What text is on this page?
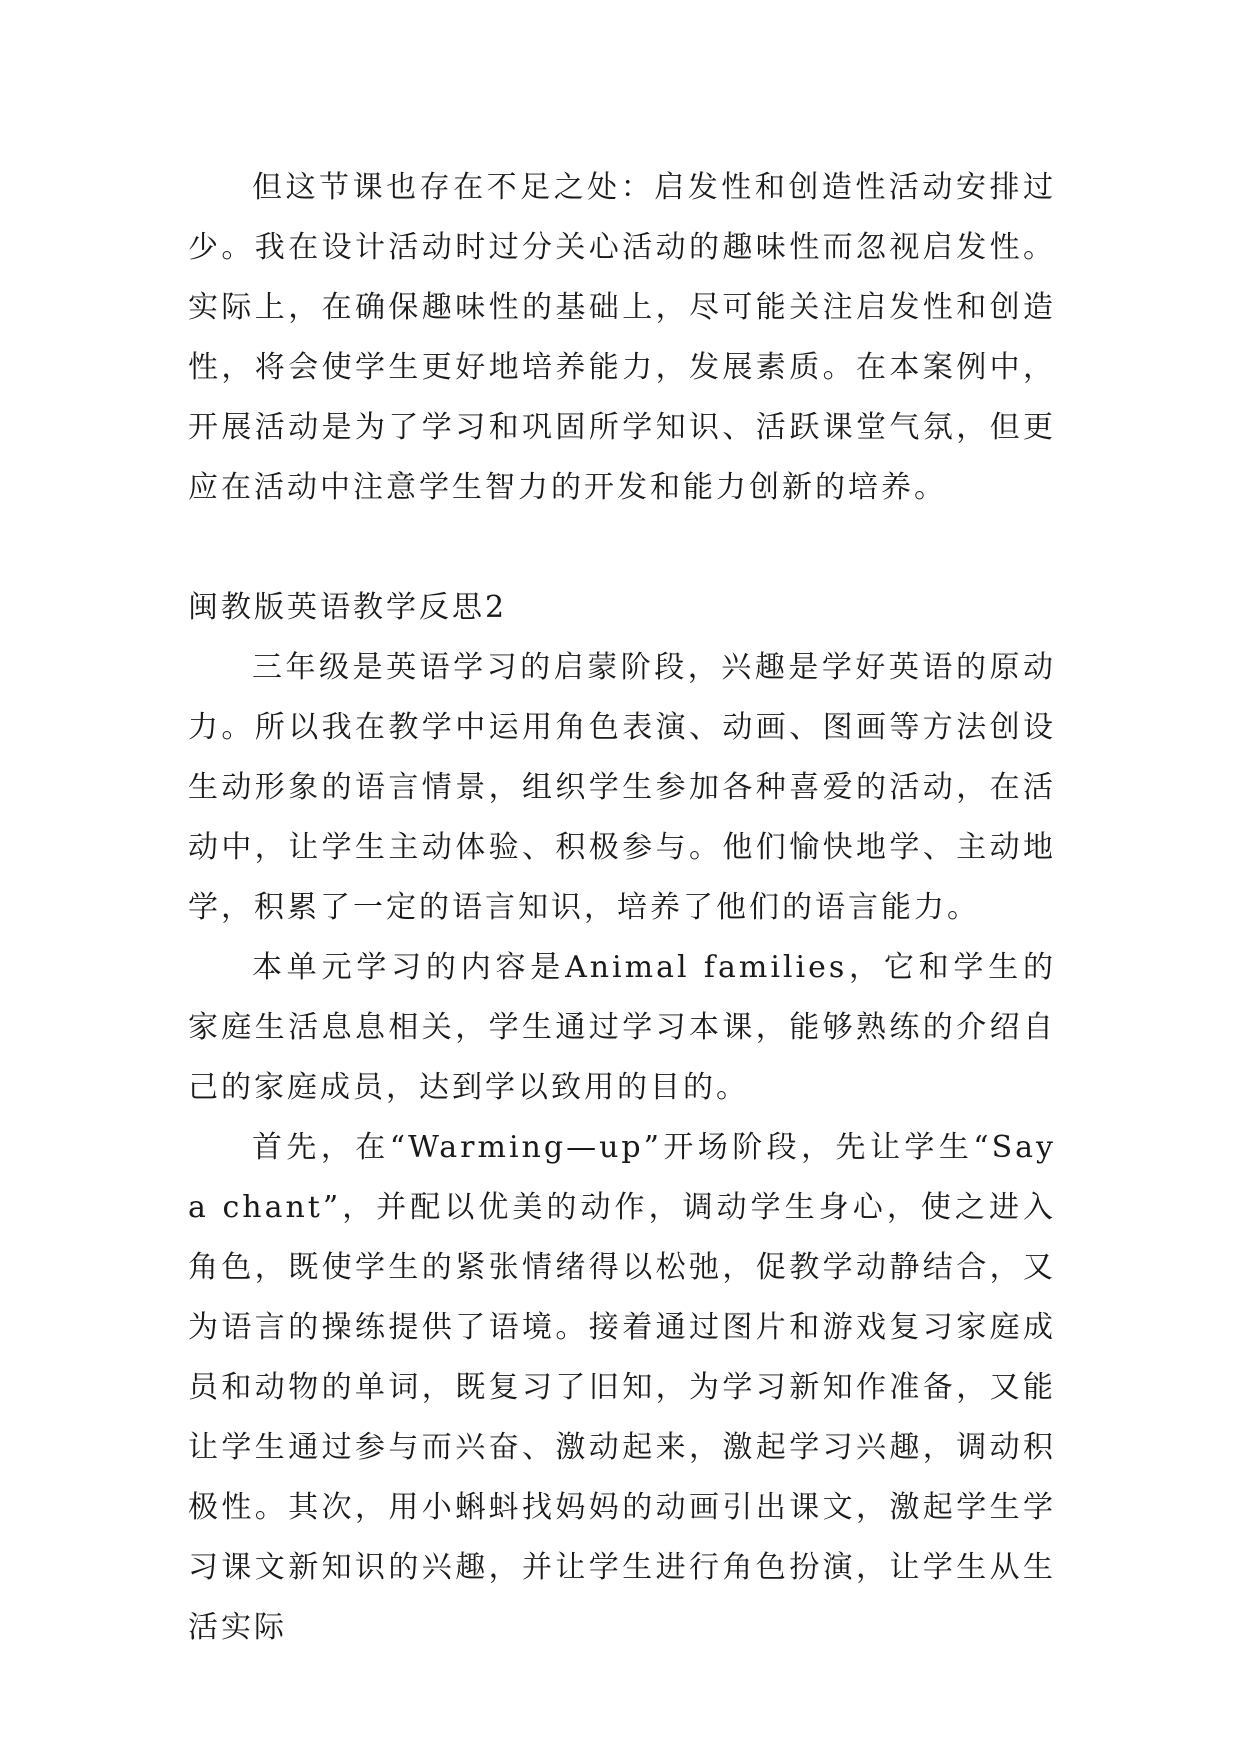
但这节课也存在不足之处：启发性和创造性活动安排过少。我在设计活动时过分关心活动的趣味性而忽视启发性。实际上，在确保趣味性的基础上，尽可能关注启发性和创造性，将会使学生更好地培养能力，发展素质。在本案例中，开展活动是为了学习和巩固所学知识、活跃课堂气氛，但更应在活动中注意学生智力的开发和能力创新的培养。

闽教版英语教学反思2

三年级是英语学习的启蒙阶段，兴趣是学好英语的原动力。所以我在教学中运用角色表演、动画、图画等方法创设生动形象的语言情景，组织学生参加各种喜爱的活动，在活动中，让学生主动体验、积极参与。他们愉快地学、主动地学，积累了一定的语言知识，培养了他们的语言能力。

本单元学习的内容是Animal families，它和学生的家庭生活息息相关，学生通过学习本课，能够熟练的介绍自己的家庭成员，达到学以致用的目的。

首先，在“Warming—up”开场阶段，先让学生“Say a chant”，并配以优美的动作，调动学生身心，使之进入角色，既使学生的紧张情绪得以松弛，促教学动静结合，又为语言的操练提供了语境。接着通过图片和游戏复习家庭成员和动物的单词，既复习了旧知，为学习新知作准备，又能让学生通过参与而兴奋、激动起来，激起学习兴趣，调动积极性。其次，用小蝌蚪找妈妈的动画引出课文，激起学生学习课文新知识的兴趣，并让学生进行角色扮演，让学生从生活实际
